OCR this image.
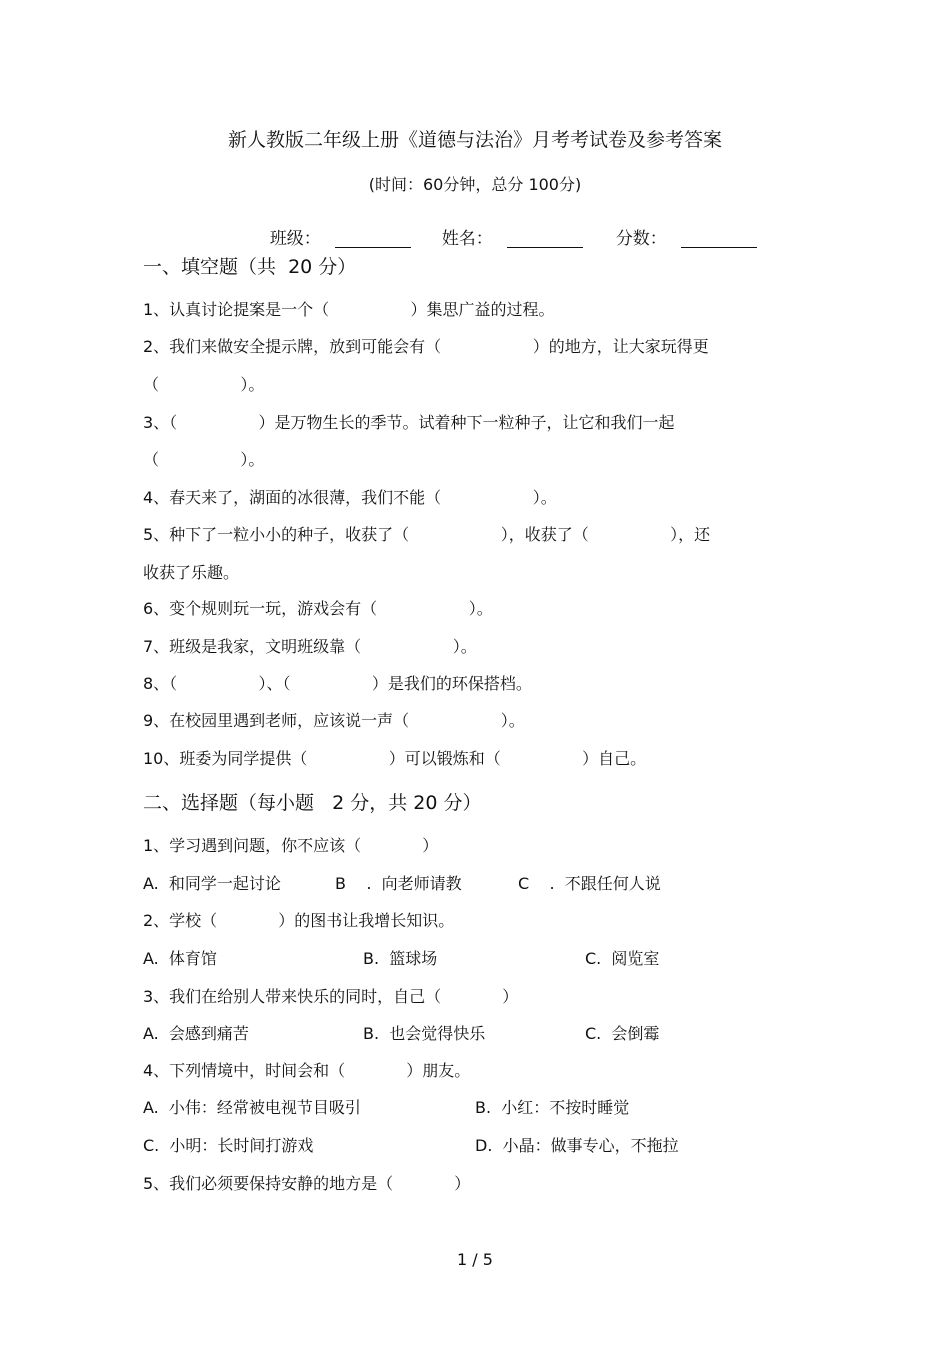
新人教版二年级上册《道德与法治》月考考试卷及参考答案
(时间：60分钟，总分 100分)

班级：	姓名：	分数：

一、填空题（共  20 分）
1、认真讨论提案是一个（                ）集思广益的过程。
2、我们来做安全提示牌，放到可能会有（                  ）的地方，让大家玩得更
（                ）。
3、（                ）是万物生长的季节。试着种下一粒种子，让它和我们一起
（                ）。
4、春天来了，湖面的冰很薄，我们不能（                  ）。
5、种下了一粒小小的种子，收获了（                  ），收获了（                ），还
收获了乐趣。
6、变个规则玩一玩，游戏会有（                  ）。
7、班级是我家，文明班级靠（                  ）。
8、（                ）、（                ）是我们的环保搭档。
9、在校园里遇到老师，应该说一声（                  ）。
10、班委为同学提供（                ）可以锻炼和（                ）自己。
二、选择题（每小题   2 分，共 20 分）
1、学习遇到问题，你不应该（            ）
A.  和同学一起讨论	B    .  向老师请教	C    .  不跟任何人说
2、学校（            ）的图书让我增长知识。
A.  体育馆	B.  篮球场	C.  阅览室
3、我们在给别人带来快乐的同时，自己（            ）
A.  会感到痛苦	B.  也会觉得快乐	C.  会倒霉
4、下列情境中，时间会和（            ）朋友。
A.  小伟：经常被电视节目吸引	B.  小红：不按时睡觉
C.  小明：长时间打游戏	D.  小晶：做事专心，不拖拉
5、我们必须要保持安静的地方是（            ）
1 / 5
